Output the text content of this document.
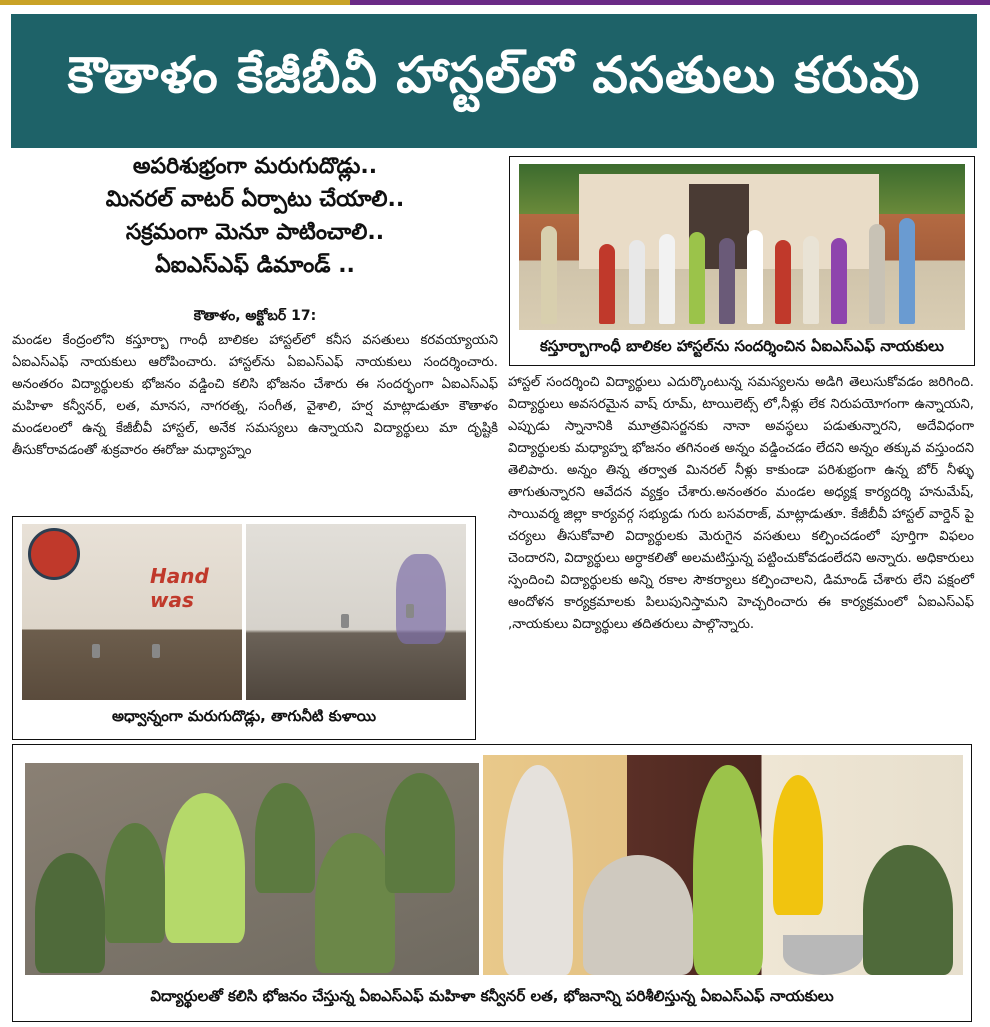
కౌతాళం కేజీబీవీ హాస్టల్‌లో వసతులు కరువు
అపరిశుభ్రంగా మరుగుదొడ్లు..
మినరల్ వాటర్ ఏర్పాటు చేయాలి..
సక్రమంగా మెనూ పాటించాలి..
ఏఐఎస్ఎఫ్ డిమాండ్ ..
కౌతాళం, అక్టోబర్ 17:

మండల కేంద్రంలోని కస్తూర్బా గాంధీ బాలికల హాస్టల్‌లో కనీస వసతులు కరవయ్యాయని ఏఐఎస్ఎఫ్ నాయకులు ఆరోపించారు. హాస్టల్‌ను ఏఐఎస్ఎఫ్ నాయకులు సందర్శించారు. అనంతరం విద్యార్థులకు భోజనం వడ్డించి కలిసి భోజనం చేశారు ఈ సందర్భంగా ఏఐఎస్ఎఫ్ మహిళా కన్వీనర్, లత, మానస, నాగరత్న, సంగీత, వైశాలి, హర్ష మాట్లాడుతూ కౌతాళం మండలంలో ఉన్న కేజీబీవీ హాస్టల్, అనేక సమస్యలు ఉన్నాయని విద్యార్థులు మా దృష్టికి తీసుకోరావడంతో శుక్రవారం ఈరోజు మధ్యాహ్నం

కస్తూర్బాగాంధీ బాలికల హాస్టల్‌ను సందర్శించిన ఏఐఎస్ఎఫ్ నాయకులు

హాస్టల్ సందర్శించి విద్యార్థులు ఎదుర్కొంటున్న సమస్యలను అడిగి తెలుసుకోవడం జరిగింది. విద్యార్థులు అవసరమైన వాష్ రూమ్, టాయిలెట్స్ లో,నీళ్లు లేక నిరుపయోగంగా ఉన్నాయని, ఎప్పుడు స్నానానికి మూత్రవిసర్జనకు నానా అవస్థలు పడుతున్నారని, అదేవిధంగా విద్యార్థులకు మధ్యాహ్న భోజనం తగినంత అన్నం వడ్డించడం లేదని అన్నం తక్కువ వస్తుందని తెలిపారు. అన్నం తిన్న తర్వాత మినరల్ నీళ్లు కాకుండా పరిశుభ్రంగా ఉన్న బోర్ నీళ్ళు తాగుతున్నారని ఆవేదన వ్యక్తం చేశారు.అనంతరం మండల అధ్యక్ష కార్యదర్శి హనుమేష్, సాయివర్మ జిల్లా కార్యవర్గ సభ్యుడు గురు బసవరాజ్, మాట్లాడుతూ. కేజీబీవీ హాస్టల్ వార్డెన్ పై చర్యలు తీసుకోవాలి విద్యార్థులకు మెరుగైన వసతులు కల్పించడంలో పూర్తిగా విఫలం చెందారని, విద్యార్థులు అర్ధాకలితో అలమటిస్తున్న పట్టించుకోవడంలేదని అన్నారు. అధికారులు స్పందించి విద్యార్థులకు అన్ని రకాల సౌకర్యాలు కల్పించాలని, డిమాండ్ చేశారు లేని పక్షంలో ఆందోళన కార్యక్రమాలకు పిలుపునిస్తామని హెచ్చరించారు ఈ కార్యక్రమంలో ఏఐఎస్ఎఫ్ ,నాయకులు విద్యార్థులు తదితరులు పాల్గొన్నారు.

Hand was
అధ్వాన్నంగా మరుగుదొడ్లు, తాగునీటి కుళాయి
విద్యార్థులతో కలిసి భోజనం చేస్తున్న ఏఐఎస్ఎఫ్ మహిళా కన్వీనర్ లత, భోజనాన్ని పరిశీలిస్తున్న ఏఐఎస్ఎఫ్ నాయకులు
